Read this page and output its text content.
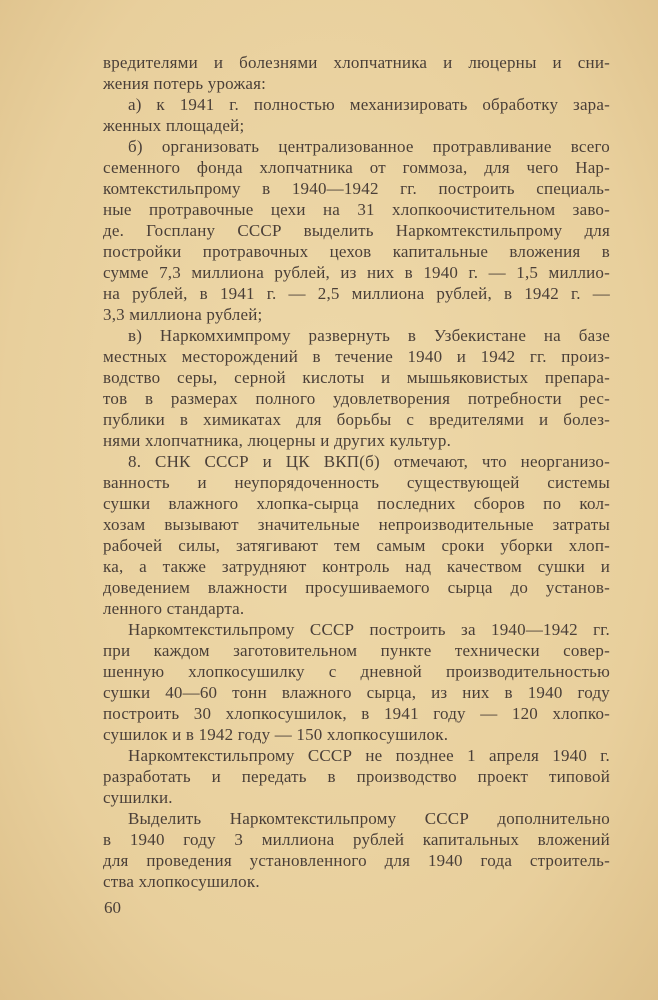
вредителями и болезнями хлопчатника и люцерны и сни-
жения потерь урожая:
а) к 1941 г. полностью механизировать обработку зара-
женных площадей;
б) организовать централизованное протравливание всего
семенного фонда хлопчатника от гоммоза, для чего Нар-
комтекстильпрому в 1940—1942 гг. построить специаль-
ные протравочные цехи на 31 хлопкоочистительном заво-
де. Госплану СССР выделить Наркомтекстильпрому для
постройки протравочных цехов капитальные вложения в
сумме 7,3 миллиона рублей, из них в 1940 г. — 1,5 миллио-
на рублей, в 1941 г. — 2,5 миллиона рублей, в 1942 г. —
3,3 миллиона рублей;
в) Наркомхимпрому развернуть в Узбекистане на базе
местных месторождений в течение 1940 и 1942 гг. произ-
водство серы, серной кислоты и мышьяковистых препара-
тов в размерах полного удовлетворения потребности рес-
публики в химикатах для борьбы с вредителями и болез-
нями хлопчатника, люцерны и других культур.
8. СНК СССР и ЦК ВКП(б) отмечают, что неорганизо-
ванность и неупорядоченность существующей системы
сушки влажного хлопка-сырца последних сборов по кол-
хозам вызывают значительные непроизводительные затраты
рабочей силы, затягивают тем самым сроки уборки хлоп-
ка, а также затрудняют контроль над качеством сушки и
доведением влажности просушиваемого сырца до установ-
ленного стандарта.
Наркомтекстильпрому СССР построить за 1940—1942 гг.
при каждом заготовительном пункте технически совер-
шенную хлопкосушилку с дневной производительностью
сушки 40—60 тонн влажного сырца, из них в 1940 году
построить 30 хлопкосушилок, в 1941 году — 120 хлопко-
сушилок и в 1942 году — 150 хлопкосушилок.
Наркомтекстильпрому СССР не позднее 1 апреля 1940 г.
разработать и передать в производство проект типовой
сушилки.
Выделить Наркомтекстильпрому СССР дополнительно
в 1940 году 3 миллиона рублей капитальных вложений
для проведения установленного для 1940 года строитель-
ства хлопкосушилок.
60
